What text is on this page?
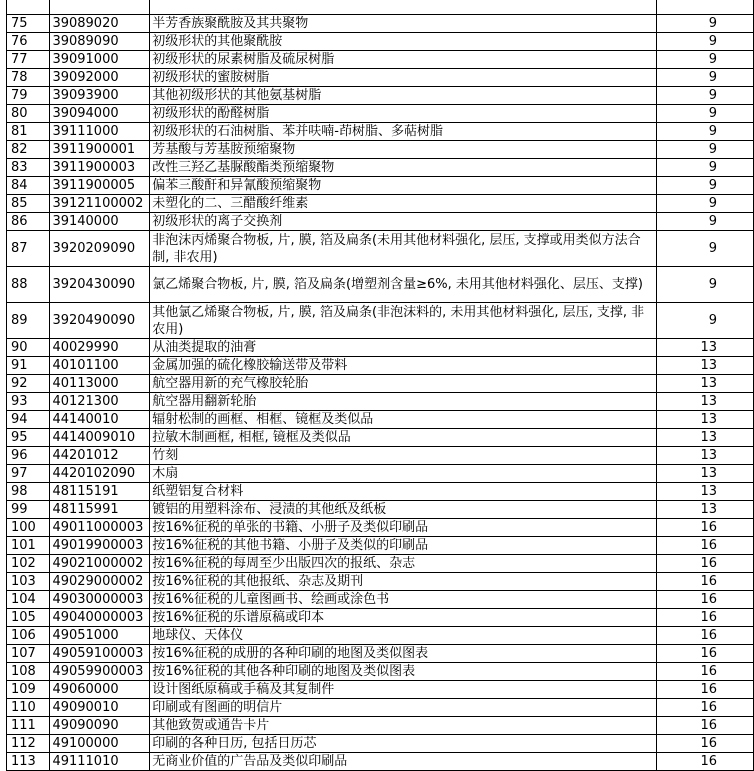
75	39089020	半芳香族聚酰胺及其共聚物	9
76	39089090	初级形状的其他聚酰胺	9
77	39091000	初级形状的尿素树脂及硫尿树脂	9
78	39092000	初级形状的蜜胺树脂	9
79	39093900	其他初级形状的其他氨基树脂	9
80	39094000	初级形状的酚醛树脂	9
81	39111000	初级形状的石油树脂、苯并呋喃-茚树脂、多萜树脂	9
82	3911900001	芳基酸与芳基胺预缩聚物	9
83	3911900003	改性三羟乙基脲酸酯类预缩聚物	9
84	3911900005	偏苯三酸酐和异氰酸预缩聚物	9
85	39121100002	未塑化的二、三醋酸纤维素	9
86	39140000	初级形状的离子交换剂	9
87	3920209090	非泡沫丙烯聚合物板, 片, 膜, 箔及扁条(未用其他材料强化, 层压, 支撑或用类似方法合制, 非农用)	9
88	3920430090	氯乙烯聚合物板, 片, 膜, 箔及扁条(增塑剂含量≥6%, 未用其他材料强化、层压、支撑)	9
89	3920490090	其他氯乙烯聚合物板, 片, 膜, 箔及扁条(非泡沫料的, 未用其他材料强化, 层压, 支撑, 非农用)	9
90	40029990	从油类提取的油膏	13
91	40101100	金属加强的硫化橡胶输送带及带料	13
92	40113000	航空器用新的充气橡胶轮胎	13
93	40121300	航空器用翻新轮胎	13
94	44140010	辐射松制的画框、相框、镜框及类似品	13
95	4414009010	拉敏木制画框, 相框, 镜框及类似品	13
96	44201012	竹刻	13
97	4420102090	木扇	13
98	48115191	纸塑铝复合材料	13
99	48115991	镀铝的用塑料涂布、浸渍的其他纸及纸板	13
100	49011000003	按16%征税的单张的书籍、小册子及类似印刷品	16
101	49019900003	按16%征税的其他书籍、小册子及类似的印刷品	16
102	49021000002	按16%征税的每周至少出版四次的报纸、杂志	16
103	49029000002	按16%征税的其他报纸、杂志及期刊	16
104	49030000003	按16%征税的儿童图画书、绘画或涂色书	16
105	49040000003	按16%征税的乐谱原稿或印本	16
106	49051000	地球仪、天体仪	16
107	49059100003	按16%征税的成册的各种印刷的地图及类似图表	16
108	49059900003	按16%征税的其他各种印刷的地图及类似图表	16
109	49060000	设计图纸原稿或手稿及其复制件	16
110	49090010	印刷或有图画的明信片	16
111	49090090	其他致贺或通告卡片	16
112	49100000	印刷的各种日历, 包括日历芯	16
113	49111010	无商业价值的广告品及类似印刷品	16
